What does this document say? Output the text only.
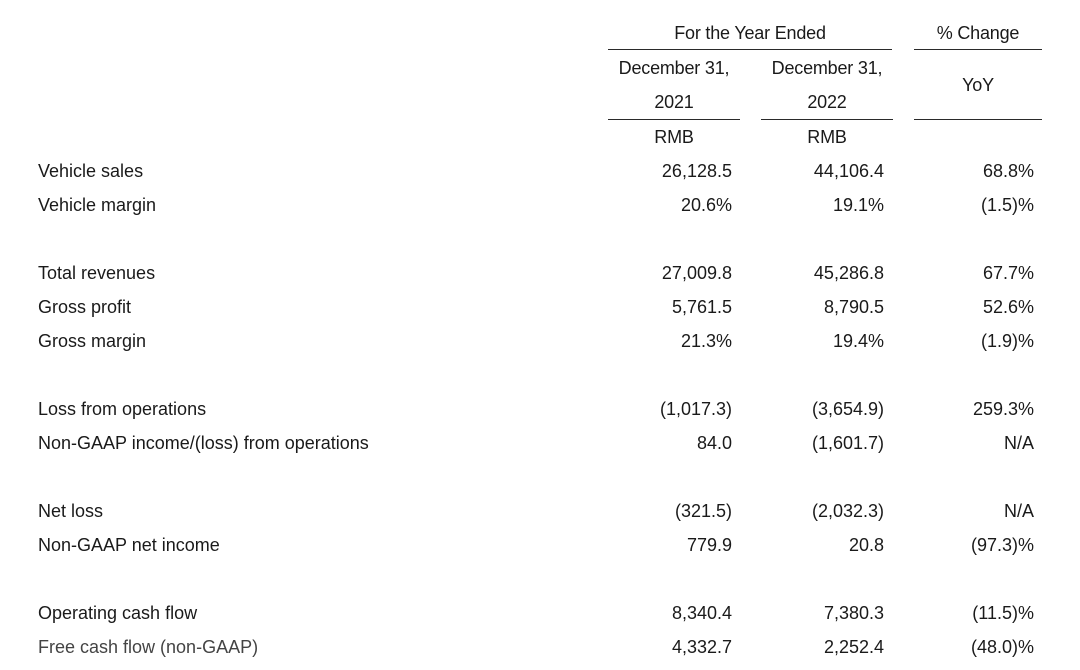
For the Year Ended	% Change
December 31,
2021
December 31,
2022
YoY
RMB	RMB
Vehicle sales	26,128.5	44,106.4	68.8%
Vehicle margin	20.6%	19.1%	(1.5)%
Total revenues	27,009.8	45,286.8	67.7%
Gross profit	5,761.5	8,790.5	52.6%
Gross margin	21.3%	19.4%	(1.9)%
Loss from operations	(1,017.3)	(3,654.9)	259.3%
Non-GAAP income/(loss) from operations	84.0	(1,601.7)	N/A
Net loss	(321.5)	(2,032.3)	N/A
Non-GAAP net income	779.9	20.8	(97.3)%
Operating cash flow	8,340.4	7,380.3	(11.5)%
Free cash flow (non-GAAP)	4,332.7	2,252.4	(48.0)%
